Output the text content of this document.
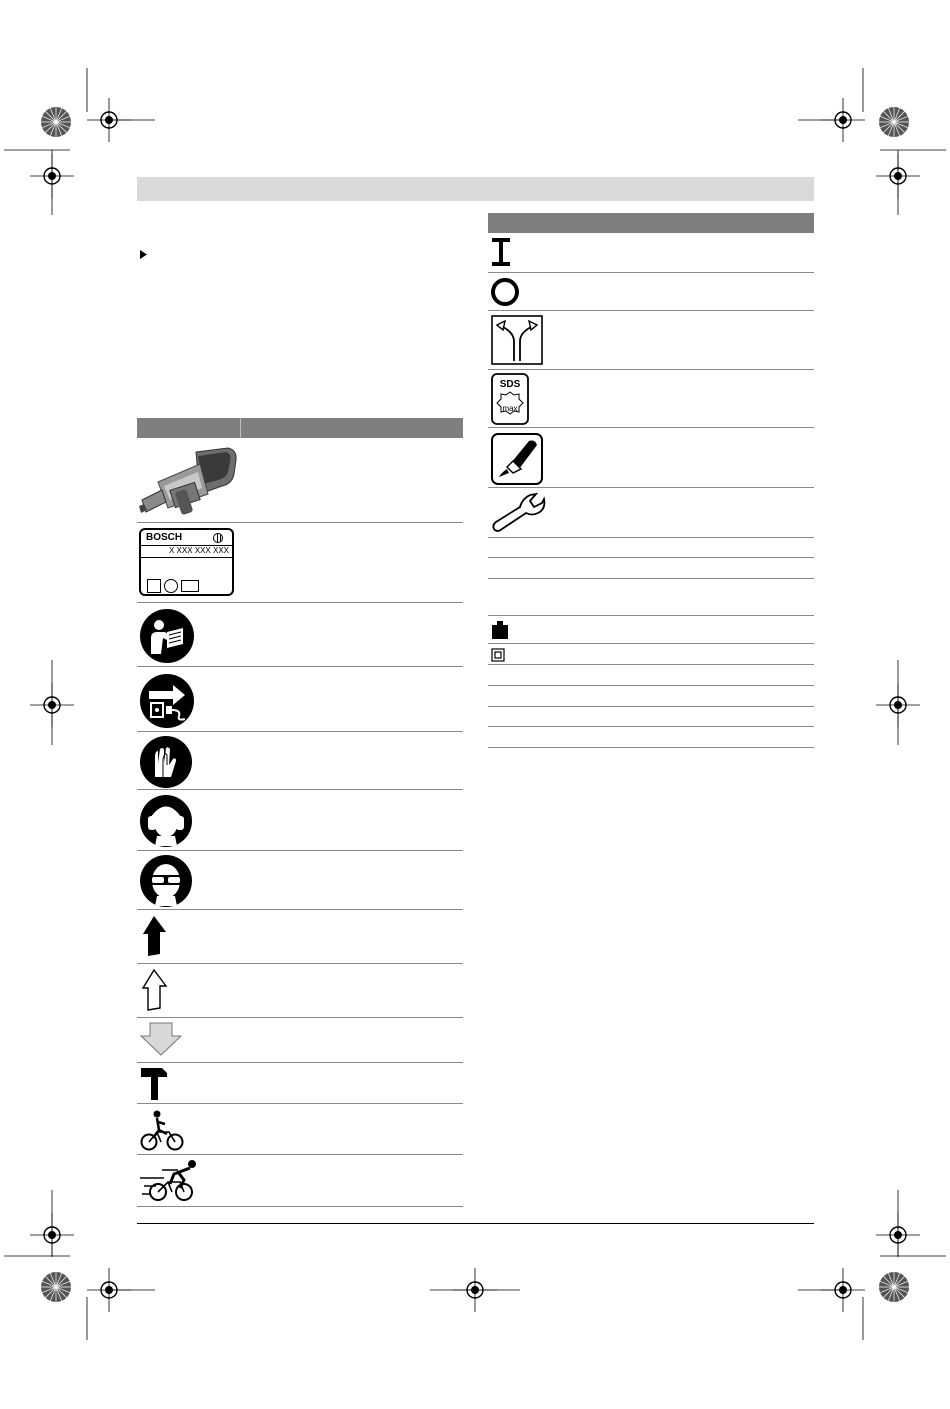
BOSCH
X XXX XXX XXX
SDS
max
